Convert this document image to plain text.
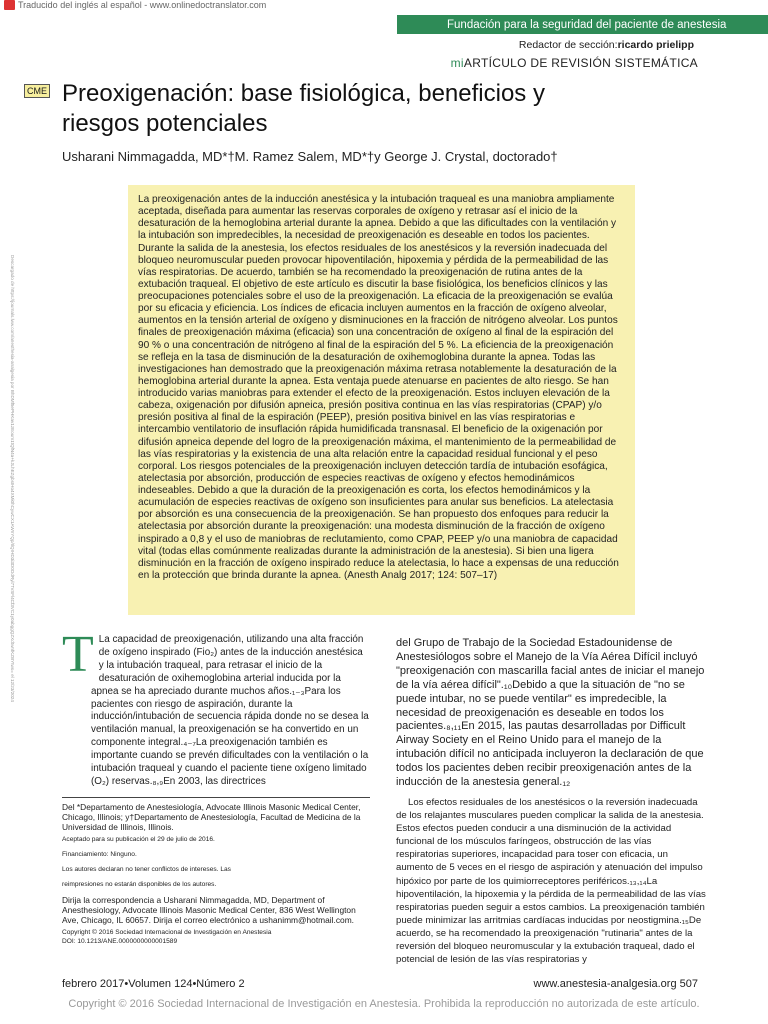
Traducido del inglés al español - www.onlinedoctranslator.com
Fundación para la seguridad del paciente de anestesia
Redactor de sección:ricardo prielipp
miARTÍCULO DE REVISIÓN SISTEMÁTICA
CME Preoxigenación: base fisiológica, beneficios y riesgos potenciales
Usharani Nimmagadda, MD*†M. Ramez Salem, MD*†y George J. Crystal, doctorado†
Descargado de https://journals.lww.com/anesthesia-analgesia por BhDMf5ePHKav1zEoum1tQfN4a+kJLhEZgbsIHo4XMi0hCywCX1AWnYQp/IlQrHD3i3D0OdRyi7TvSFl4Cf3VC1y0abggQZXdtwnfKZBYtws= el 12/23/2024

La preoxigenación antes de la inducción anestésica y la intubación traqueal es una maniobra ampliamente aceptada, diseñada para aumentar las reservas corporales de oxígeno y retrasar así el inicio de la desaturación de la hemoglobina arterial durante la apnea. Debido a que las dificultades con la ventilación y la intubación son impredecibles, la necesidad de preoxigenación es deseable en todos los pacientes. Durante la salida de la anestesia, los efectos residuales de los anestésicos y la reversión inadecuada del bloqueo neuromuscular pueden provocar hipoventilación, hipoxemia y pérdida de la permeabilidad de las vías respiratorias. De acuerdo, también se ha recomendado la preoxigenación de rutina antes de la extubación traqueal. El objetivo de este artículo es discutir la base fisiológica, los beneficios clínicos y las preocupaciones potenciales sobre el uso de la preoxigenación. La eficacia de la preoxigenación se evalúa por su eficacia y eficiencia. Los índices de eficacia incluyen aumentos en la fracción de oxígeno alveolar, aumentos en la tensión arterial de oxígeno y disminuciones en la fracción de nitrógeno alveolar. Los puntos finales de preoxigenación máxima (eficacia) son una concentración de oxígeno al final de la espiración del 90 % o una concentración de nitrógeno al final de la espiración del 5 %. La eficiencia de la preoxigenación se refleja en la tasa de disminución de la desaturación de oxihemoglobina durante la apnea. Todas las investigaciones han demostrado que la preoxigenación máxima retrasa notablemente la desaturación de la hemoglobina arterial durante la apnea. Esta ventaja puede atenuarse en pacientes de alto riesgo. Se han introducido varias maniobras para extender el efecto de la preoxigenación. Estos incluyen elevación de la cabeza, oxigenación por difusión apneica, presión positiva continua en las vías respiratorias (CPAP) y/o presión positiva al final de la espiración (PEEP), presión positiva binivel en las vías respiratorias e intercambio ventilatorio de insuflación rápida humidificada transnasal. El beneficio de la oxigenación por difusión apneica depende del logro de la preoxigenación máxima, el mantenimiento de la permeabilidad de las vías respiratorias y la existencia de una alta relación entre la capacidad residual funcional y el peso corporal. Los riesgos potenciales de la preoxigenación incluyen detección tardía de intubación esofágica, atelectasia por absorción, producción de especies reactivas de oxígeno y efectos hemodinámicos indeseables. Debido a que la duración de la preoxigenación es corta, los efectos hemodinámicos y la acumulación de especies reactivas de oxígeno son insuficientes para anular sus beneficios. La atelectasia por absorción es una consecuencia de la preoxigenación. Se han propuesto dos enfoques para reducir la atelectasia por absorción durante la preoxigenación: una modesta disminución de la fracción de oxígeno inspirado a 0,8 y el uso de maniobras de reclutamiento, como CPAP, PEEP y/o una maniobra de capacidad vital (todas ellas comúnmente realizadas durante la administración de la anestesia). Si bien una ligera disminución en la fracción de oxígeno inspirado reduce la atelectasia, lo hace a expensas de una reducción en la protección que brinda durante la apnea. (Anesth Analg 2017; 124: 507–17)

T La capacidad de preoxigenación, utilizando una alta fracción de oxígeno inspirado (Fio₂) antes de la inducción anestésica y la intubación traqueal, para retrasar el inicio de la desaturación de oxihemoglobina arterial inducida por la apnea se ha apreciado durante muchos años.₁₋₃Para los pacientes con riesgo de aspiración, durante la inducción/intubación de secuencia rápida donde no se desea la ventilación manual, la preoxigenación se ha convertido en un componente integral.₄₋₇La preoxigenación también es importante cuando se prevén dificultades con la ventilación o la intubación traqueal y cuando el paciente tiene oxígeno limitado (O₂) reservas.₈,₉En 2003, las directrices

Del *Departamento de Anestesiología, Advocate Illinois Masonic Medical Center, Chicago, Illinois; y†Departamento de Anestesiología, Facultad de Medicina de la Universidad de Illinois, Illinois.

Aceptado para su publicación el 29 de julio de 2016.

Financiamiento: Ninguno.

Los autores declaran no tener conflictos de intereses. Las

reimpresiones no estarán disponibles de los autores.

Dirija la correspondencia a Usharani Nimmagadda, MD, Department of Anesthesiology, Advocate Illinois Masonic Medical Center, 836 West Wellington Ave, Chicago, IL 60657. Dirija el correo electrónico a ushanimm@hotmail.com.

Copyright © 2016 Sociedad Internacional de Investigación en Anestesia

DOI: 10.1213/ANE.0000000000001589

del Grupo de Trabajo de la Sociedad Estadounidense de Anestesiólogos sobre el Manejo de la Vía Aérea Difícil incluyó "preoxigenación con mascarilla facial antes de iniciar el manejo de la vía aérea difícil".₁₀Debido a que la situación de "no se puede intubar, no se puede ventilar" es impredecible, la necesidad de preoxigenación es deseable en todos los pacientes.₈,₁₁En 2015, las pautas desarrolladas por Difficult Airway Society en el Reino Unido para el manejo de la intubación difícil no anticipada incluyeron la declaración de que todos los pacientes deben recibir preoxigenación antes de la inducción de la anestesia general.₁₂

Los efectos residuales de los anestésicos o la reversión inadecuada de los relajantes musculares pueden complicar la salida de la anestesia. Estos efectos pueden conducir a una disminución de la actividad funcional de los músculos faríngeos, obstrucción de las vías respiratorias superiores, incapacidad para toser con eficacia, un aumento de 5 veces en el riesgo de aspiración y atenuación del impulso hipóxico por parte de los quimiorreceptores periféricos.₁₃,₁₄La hipoventilación, la hipoxemia y la pérdida de la permeabilidad de las vías respiratorias pueden seguir a estos cambios. La preoxigenación también puede minimizar las arritmias cardíacas inducidas por neostigmina.₁₅De acuerdo, se ha recomendado la preoxigenación "rutinaria" antes de la reversión del bloqueo neuromuscular y la extubación traqueal, dado el potencial de lesión de las vías respiratorias y

febrero 2017•Volumen 124•Número 2	www.anestesia-analgesia.org 507
Copyright © 2016 Sociedad Internacional de Investigación en Anestesia. Prohibida la reproducción no autorizada de este artículo.
